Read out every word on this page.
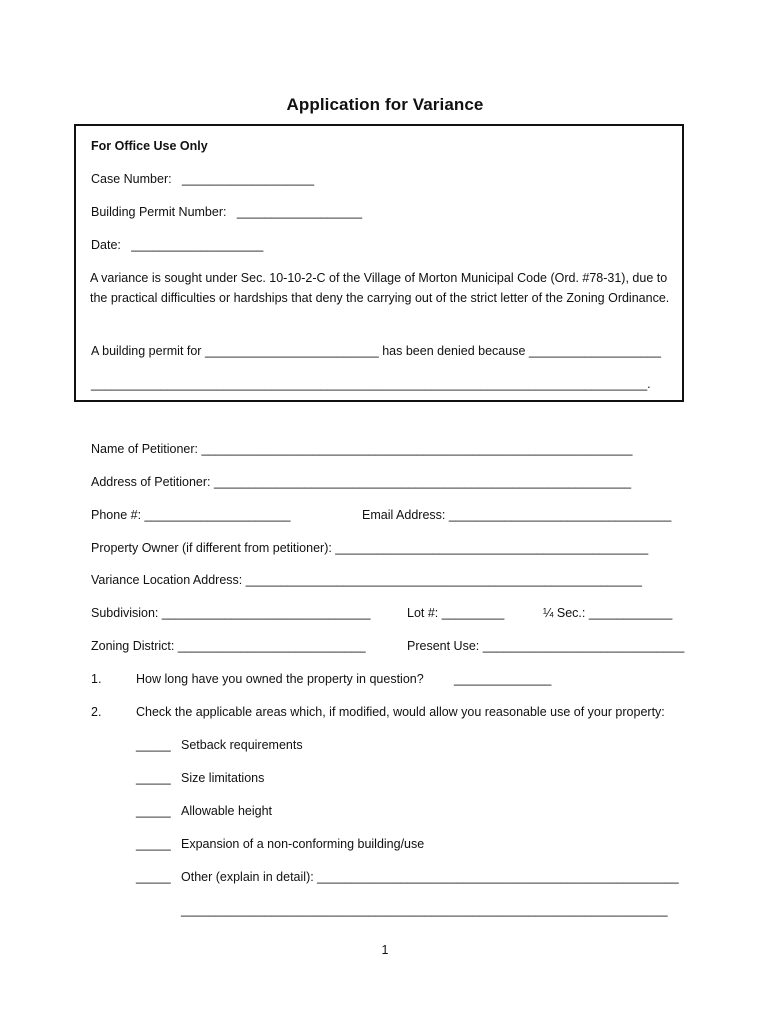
Application for Variance
For Office Use Only
Case Number:   ___________________
Building Permit Number:   __________________
Date:   ___________________
A variance is sought under Sec. 10-10-2-C of the Village of Morton Municipal Code (Ord. #78-31), due to the practical difficulties or hardships that deny the carrying out of the strict letter of the Zoning Ordinance.
A building permit for _________________________ has been denied because ___________________
________________________________________________________________________________.
Name of Petitioner: ______________________________________________________________
Address of Petitioner: ____________________________________________________________
Phone #: _____________________	Email Address: ________________________________
Property Owner (if different from petitioner): _____________________________________________
Variance Location Address: _________________________________________________________
Subdivision: ______________________________	Lot #: _________	¼ Sec.: ____________
Zoning District: ___________________________	Present Use: _____________________________
1.	How long have you owned the property in question? ______________
2.	Check the applicable areas which, if modified, would allow you reasonable use of your property:
_____ Setback requirements
_____ Size limitations
_____ Allowable height
_____ Expansion of a non-conforming building/use
_____ Other (explain in detail): ____________________________________________________
______________________________________________________________________
1
